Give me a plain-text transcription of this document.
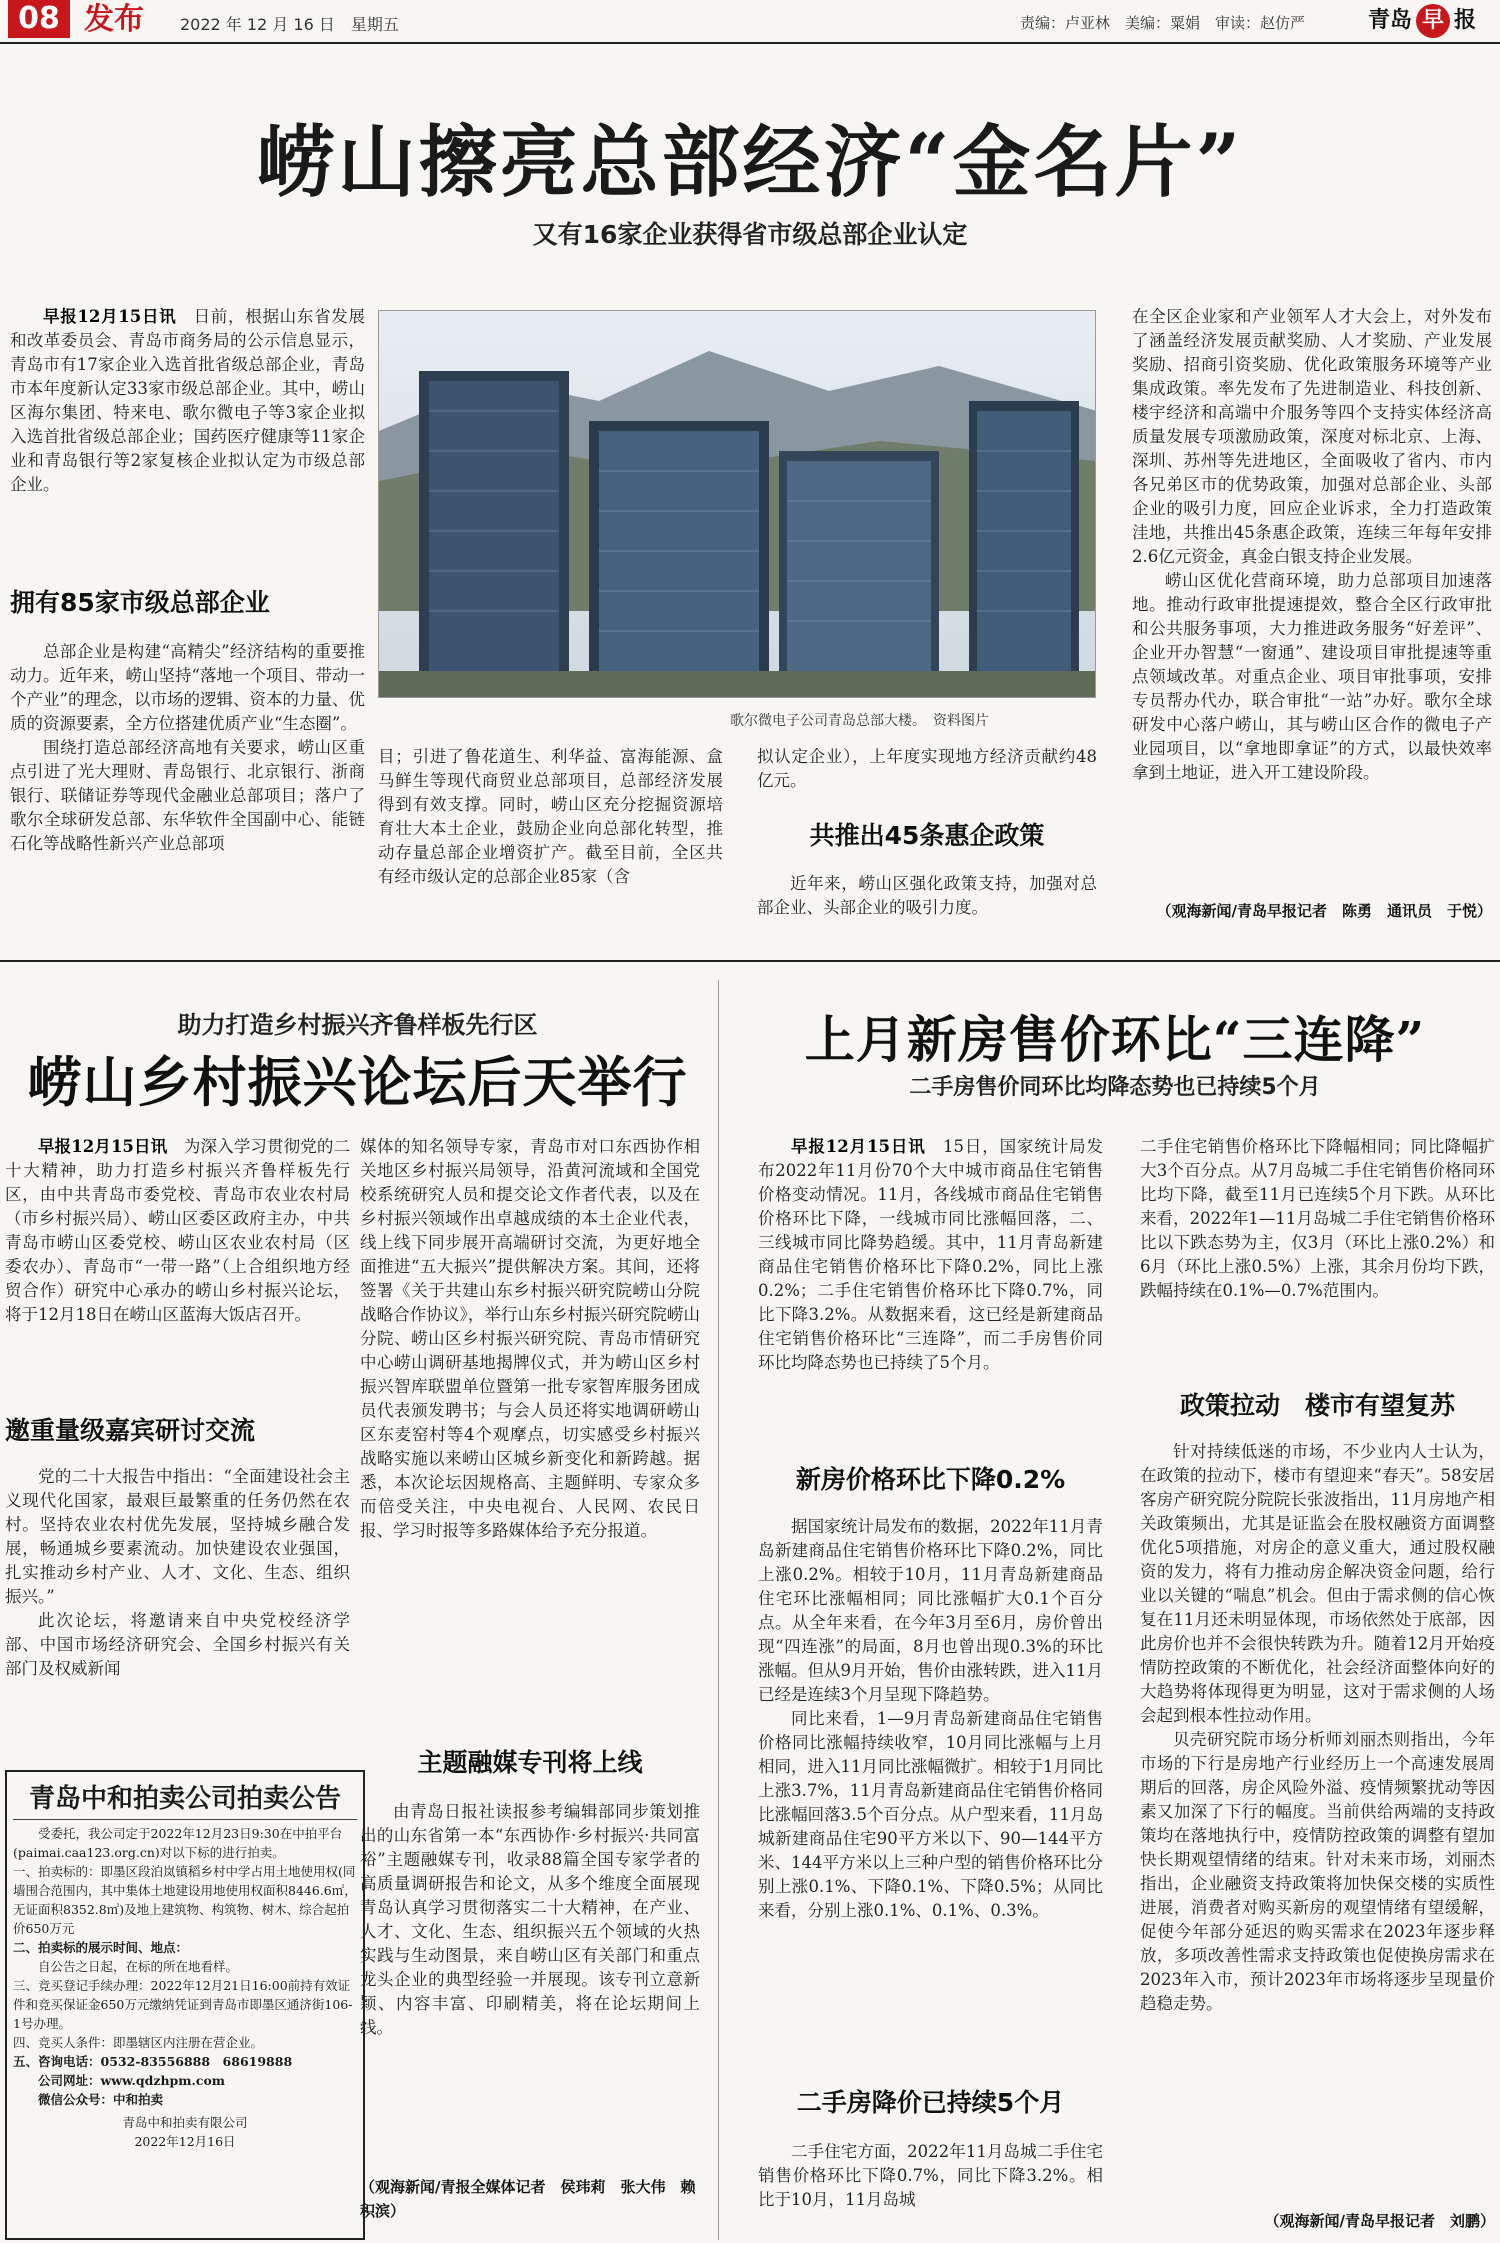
08 发布 2022 年 12 月 16 日　星期五	责编：卢亚林　美编：粟娟　审读：赵仿严	青岛 早 报
崂山擦亮总部经济“金名片”
又有16家企业获得省市级总部企业认定

早报12月15日讯　 日前，根据山东省发展和改革委员会、青岛市商务局的公示信息显示，青岛市有17家企业入选首批省级总部企业，青岛市本年度新认定33家市级总部企业。其中，崂山区海尔集团、特来电、歌尔微电子等3家企业拟入选首批省级总部企业；国药医疗健康等11家企业和青岛银行等2家复核企业拟认定为市级总部企业。

拥有85家市级总部企业

总部企业是构建“高精尖”经济结构的重要推动力。近年来，崂山坚持“落地一个项目、带动一个产业”的理念，以市场的逻辑、资本的力量、优质的资源要素，全方位搭建优质产业“生态圈”。

围绕打造总部经济高地有关要求，崂山区重点引进了光大理财、青岛银行、北京银行、浙商银行、联储证券等现代金融业总部项目；落户了歌尔全球研发总部、东华软件全国副中心、能链石化等战略性新兴产业总部项

歌尔微电子公司青岛总部大楼。　资料图片

目；引进了鲁花道生、利华益、富海能源、盒马鲜生等现代商贸业总部项目，总部经济发展得到有效支撑。同时，崂山区充分挖掘资源培育壮大本土企业，鼓励企业向总部化转型，推动存量总部企业增资扩产。截至目前，全区共有经市级认定的总部企业85家（含

拟认定企业），上年度实现地方经济贡献约48亿元。

共推出45条惠企政策

近年来，崂山区强化政策支持，加强对总部企业、头部企业的吸引力度。

在全区企业家和产业领军人才大会上，对外发布了涵盖经济发展贡献奖励、人才奖励、产业发展奖励、招商引资奖励、优化政策服务环境等产业集成政策。率先发布了先进制造业、科技创新、楼宇经济和高端中介服务等四个支持实体经济高质量发展专项激励政策，深度对标北京、上海、深圳、苏州等先进地区，全面吸收了省内、市内各兄弟区市的优势政策，加强对总部企业、头部企业的吸引力度，回应企业诉求，全力打造政策洼地，共推出45条惠企政策，连续三年每年安排2.6亿元资金，真金白银支持企业发展。

崂山区优化营商环境，助力总部项目加速落地。推动行政审批提速提效，整合全区行政审批和公共服务事项，大力推进政务服务“好差评”、企业开办智慧“一窗通”、建设项目审批提速等重点领域改革。对重点企业、项目审批事项，安排专员帮办代办，联合审批“一站”办好。歌尔全球研发中心落户崂山，其与崂山区合作的微电子产业园项目，以“拿地即拿证”的方式，以最快效率拿到土地证，进入开工建设阶段。

（观海新闻/青岛早报记者　陈勇　通讯员　于悦）
助力打造乡村振兴齐鲁样板先行区
崂山乡村振兴论坛后天举行

早报12月15日讯　 为深入学习贯彻党的二十大精神，助力打造乡村振兴齐鲁样板先行区，由中共青岛市委党校、青岛市农业农村局（市乡村振兴局）、崂山区委区政府主办，中共青岛市崂山区委党校、崂山区农业农村局（区委农办）、青岛市“一带一路”（上合组织地方经贸合作）研究中心承办的崂山乡村振兴论坛，将于12月18日在崂山区蓝海大饭店召开。

邀重量级嘉宾研讨交流

党的二十大报告中指出：“全面建设社会主义现代化国家，最艰巨最繁重的任务仍然在农村。坚持农业农村优先发展，坚持城乡融合发展，畅通城乡要素流动。加快建设农业强国，扎实推动乡村产业、人才、文化、生态、组织振兴。”

此次论坛，将邀请来自中央党校经济学部、中国市场经济研究会、全国乡村振兴有关部门及权威新闻

媒体的知名领导专家，青岛市对口东西协作相关地区乡村振兴局领导，沿黄河流域和全国党校系统研究人员和提交论文作者代表，以及在乡村振兴领域作出卓越成绩的本土企业代表，线上线下同步展开高端研讨交流，为更好地全面推进“五大振兴”提供解决方案。其间，还将签署《关于共建山东乡村振兴研究院崂山分院战略合作协议》，举行山东乡村振兴研究院崂山分院、崂山区乡村振兴研究院、青岛市情研究中心崂山调研基地揭牌仪式，并为崂山区乡村振兴智库联盟单位暨第一批专家智库服务团成员代表颁发聘书；与会人员还将实地调研崂山区东麦窑村等4个观摩点，切实感受乡村振兴战略实施以来崂山区城乡新变化和新跨越。据悉，本次论坛因规格高、主题鲜明、专家众多而倍受关注，中央电视台、人民网、农民日报、学习时报等多路媒体给予充分报道。

主题融媒专刊将上线

由青岛日报社读报参考编辑部同步策划推出的山东省第一本“东西协作·乡村振兴·共同富裕”主题融媒专刊，收录88篇全国专家学者的高质量调研报告和论文，从多个维度全面展现青岛认真学习贯彻落实二十大精神，在产业、人才、文化、生态、组织振兴五个领域的火热实践与生动图景，来自崂山区有关部门和重点龙头企业的典型经验一并展现。该专刊立意新颖、内容丰富、印刷精美，将在论坛期间上线。

（观海新闻/青报全媒体记者　侯玮莉　张大伟　赖积滨）
青岛中和拍卖公司拍卖公告
受委托，我公司定于2022年12月23日9:30在中拍平台(paimai.caa123.org.cn)对以下标的进行拍卖。
一、拍卖标的：即墨区段泊岚镇稻乡村中学占用土地使用权(同墙围合范围内，其中集体土地建设用地使用权面积8446.6㎡，无证面积8352.8㎡)及地上建筑物、构筑物、树木、综合起拍价650万元
二、拍卖标的展示时间、地点：
自公告之日起，在标的所在地看样。
三、竞买登记手续办理：2022年12月21日16:00前持有效证件和竞买保证金650万元缴纳凭证到青岛市即墨区通济街106-1号办理。
四、竞买人条件：即墨辖区内注册在营企业。
五、咨询电话：0532-83556888　68619888
公司网址：www.qdzhpm.com
微信公众号：中和拍卖
青岛中和拍卖有限公司
2022年12月16日
上月新房售价环比“三连降”
二手房售价同环比均降态势也已持续5个月

早报12月15日讯　 15日，国家统计局发布2022年11月份70个大中城市商品住宅销售价格变动情况。11月，各线城市商品住宅销售价格环比下降，一线城市同比涨幅回落，二、三线城市同比降势趋缓。其中，11月青岛新建商品住宅销售价格环比下降0.2%，同比上涨0.2%；二手住宅销售价格环比下降0.7%，同比下降3.2%。从数据来看，这已经是新建商品住宅销售价格环比“三连降”，而二手房售价同环比均降态势也已持续了5个月。

新房价格环比下降0.2%

据国家统计局发布的数据，2022年11月青岛新建商品住宅销售价格环比下降0.2%，同比上涨0.2%。相较于10月，11月青岛新建商品住宅环比涨幅相同；同比涨幅扩大0.1个百分点。从全年来看，在今年3月至6月，房价曾出现“四连涨”的局面，8月也曾出现0.3%的环比涨幅。但从9月开始，售价由涨转跌，进入11月已经是连续3个月呈现下降趋势。

同比来看，1—9月青岛新建商品住宅销售价格同比涨幅持续收窄，10月同比涨幅与上月相同，进入11月同比涨幅微扩。相较于1月同比上涨3.7%，11月青岛新建商品住宅销售价格同比涨幅回落3.5个百分点。从户型来看，11月岛城新建商品住宅90平方米以下、90—144平方米、144平方米以上三种户型的销售价格环比分别上涨0.1%、下降0.1%、下降0.5%；从同比来看，分别上涨0.1%、0.1%、0.3%。

二手房降价已持续5个月

二手住宅方面，2022年11月岛城二手住宅销售价格环比下降0.7%，同比下降3.2%。相比于10月，11月岛城

二手住宅销售价格环比下降幅相同；同比降幅扩大3个百分点。从7月岛城二手住宅销售价格同环比均下降，截至11月已连续5个月下跌。从环比来看，2022年1—11月岛城二手住宅销售价格环比以下跌态势为主，仅3月（环比上涨0.2%）和6月（环比上涨0.5%）上涨，其余月份均下跌，跌幅持续在0.1%—0.7%范围内。

政策拉动　楼市有望复苏

针对持续低迷的市场，不少业内人士认为，在政策的拉动下，楼市有望迎来“春天”。58安居客房产研究院分院院长张波指出，11月房地产相关政策频出，尤其是证监会在股权融资方面调整优化5项措施，对房企的意义重大，通过股权融资的发力，将有力推动房企解决资金问题，给行业以关键的“喘息”机会。但由于需求侧的信心恢复在11月还未明显体现，市场依然处于底部，因此房价也并不会很快转跌为升。随着12月开始疫情防控政策的不断优化，社会经济面整体向好的大趋势将体现得更为明显，这对于需求侧的人场会起到根本性拉动作用。

贝壳研究院市场分析师刘丽杰则指出，今年市场的下行是房地产行业经历上一个高速发展周期后的回落，房企风险外溢、疫情频繁扰动等因素又加深了下行的幅度。当前供给两端的支持政策均在落地执行中，疫情防控政策的调整有望加快长期观望情绪的结束。针对未来市场，刘丽杰指出，企业融资支持政策将加快保交楼的实质性进展，消费者对购买新房的观望情绪有望缓解，促使今年部分延迟的购买需求在2023年逐步释放，多项改善性需求支持政策也促使换房需求在2023年入市，预计2023年市场将逐步呈现量价趋稳走势。

（观海新闻/青岛早报记者　刘鹏）
